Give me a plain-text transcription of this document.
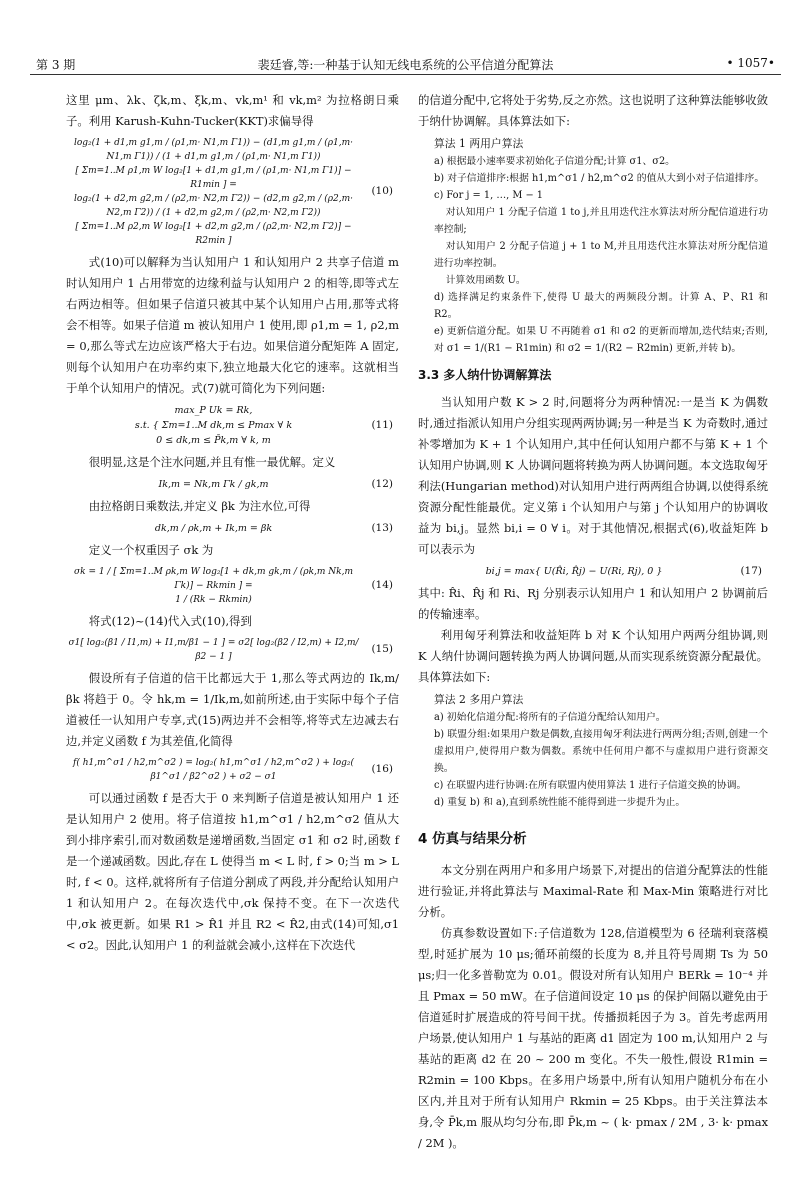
第 3 期	裴廷睿,等:一种基于认知无线电系统的公平信道分配算法	• 1057•

这里 μm、λk、ζk,m、ξk,m、vk,m¹ 和 vk,m² 为拉格朗日乘子。利用 Karush-Kuhn-Tucker(KKT)求偏导得

log₂(1 + d1,m g1,m / (ρ1,m· N1,m Γ1)) − (d1,m g1,m / (ρ1,m· N1,m Γ1)) / (1 + d1,m g1,m / (ρ1,m· N1,m Γ1))
[ Σm=1..M ρ1,m W log₂[1 + d1,m g1,m / (ρ1,m· N1,m Γ1)] − R1min ] =
log₂(1 + d2,m g2,m / (ρ2,m· N2,m Γ2)) − (d2,m g2,m / (ρ2,m· N2,m Γ2)) / (1 + d2,m g2,m / (ρ2,m· N2,m Γ2))
[ Σm=1..M ρ2,m W log₂[1 + d2,m g2,m / (ρ2,m· N2,m Γ2)] − R2min ]
(10)

式(10)可以解释为当认知用户 1 和认知用户 2 共享子信道 m 时认知用户 1 占用带宽的边缘利益与认知用户 2 的相等,即等式左右两边相等。但如果子信道只被其中某个认知用户占用,那等式将会不相等。如果子信道 m 被认知用户 1 使用,即 ρ1,m = 1, ρ2,m = 0,那么等式左边应该严格大于右边。如果信道分配矩阵 A 固定,则每个认知用户在功率约束下,独立地最大化它的速率。这就相当于单个认知用户的情况。式(7)就可简化为下列问题:

max_P Uk = Rk,
s.t. { Σm=1..M dk,m ≤ Pmax ∀ k
0 ≤ dk,m ≤ P̄k,m ∀ k, m
(11)

很明显,这是个注水问题,并且有惟一最优解。定义

Ik,m = Nk,m Γk / gk,m	(12)

由拉格朗日乘数法,并定义 βk 为注水位,可得

dk,m / ρk,m + Ik,m = βk	(13)

定义一个权重因子 σk 为

σk = 1 / [ Σm=1..M ρk,m W log₂[1 + dk,m gk,m / (ρk,m Nk,m Γk)] − Rkmin ] =
1 / (Rk − Rkmin)
(14)

将式(12)~(14)代入式(10),得到

σ1[ log₂(β1 / I1,m) + I1,m/β1 − 1 ] = σ2[ log₂(β2 / I2,m) + I2,m/β2 − 1 ]
(15)

假设所有子信道的信干比都远大于 1,那么等式两边的 Ik,m/βk 将趋于 0。令 hk,m = 1/Ik,m,如前所述,由于实际中每个子信道被任一认知用户专享,式(15)两边并不会相等,将等式左边减去右边,并定义函数 f 为其差值,化简得

f( h1,m^σ1 / h2,m^σ2 ) = log₂( h1,m^σ1 / h2,m^σ2 ) + log₂( β1^σ1 / β2^σ2 ) + σ2 − σ1
(16)

可以通过函数 f 是否大于 0 来判断子信道是被认知用户 1 还是认知用户 2 使用。将子信道按 h1,m^σ1 / h2,m^σ2 值从大到小排序索引,而对数函数是递增函数,当固定 σ1 和 σ2 时,函数 f 是一个递减函数。因此,存在 L 使得当 m < L 时, f > 0;当 m > L 时, f < 0。这样,就将所有子信道分割成了两段,并分配给认知用户 1 和认知用户 2。在每次迭代中,σk 保持不变。在下一次迭代中,σk 被更新。如果 R1 > R̂1 并且 R2 < R̂2,由式(14)可知,σ1 < σ2。因此,认知用户 1 的利益就会减小,这样在下次迭代

的信道分配中,它将处于劣势,反之亦然。这也说明了这种算法能够收敛于纳什协调解。具体算法如下:

算法 1 两用户算法
a) 根据最小速率要求初始化子信道分配;计算 σ1、σ2。
b) 对子信道排序:根据 h1,m^σ1 / h2,m^σ2 的值从大到小对子信道排序。
c) For j = 1, …, M − 1
对认知用户 1 分配子信道 1 to j,并且用迭代注水算法对所分配信道进行功率控制;
对认知用户 2 分配子信道 j + 1 to M,并且用迭代注水算法对所分配信道进行功率控制。
计算效用函数 U。
d) 选择满足约束条件下,使得 U 最大的两频段分割。计算 A、P、R1 和 R2。
e) 更新信道分配。如果 U 不再随着 σ1 和 σ2 的更新而增加,迭代结束;否则,对 σ1 = 1/(R1 − R1min) 和 σ2 = 1/(R2 − R2min) 更新,并转 b)。
3.3 多人纳什协调解算法

当认知用户数 K > 2 时,问题将分为两种情况:一是当 K 为偶数时,通过指派认知用户分组实现两两协调;另一种是当 K 为奇数时,通过补零增加为 K + 1 个认知用户,其中任何认知用户都不与第 K + 1 个认知用户协调,则 K 人协调问题将转换为两人协调问题。本文选取匈牙利法(Hungarian method)对认知用户进行两两组合协调,以使得系统资源分配性能最优。定义第 i 个认知用户与第 j 个认知用户的协调收益为 bi,j。显然 bi,i = 0 ∀ i。对于其他情况,根据式(6),收益矩阵 b 可以表示为

bi,j = max{ U(R̂i, R̂j) − U(Ri, Rj), 0 }	(17)

其中: R̂i、R̂j 和 Ri、Rj 分别表示认知用户 1 和认知用户 2 协调前后的传输速率。

利用匈牙利算法和收益矩阵 b 对 K 个认知用户两两分组协调,则 K 人纳什协调问题转换为两人协调问题,从而实现系统资源分配最优。具体算法如下:

算法 2 多用户算法
a) 初始化信道分配:将所有的子信道分配给认知用户。
b) 联盟分组:如果用户数是偶数,直接用匈牙利法进行两两分组;否则,创建一个虚拟用户,使得用户数为偶数。系统中任何用户都不与虚拟用户进行资源交换。
c) 在联盟内进行协调:在所有联盟内使用算法 1 进行子信道交换的协调。
d) 重复 b) 和 a),直到系统性能不能得到进一步提升为止。
4 仿真与结果分析

本文分别在两用户和多用户场景下,对提出的信道分配算法的性能进行验证,并将此算法与 Maximal-Rate 和 Max-Min 策略进行对比分析。

仿真参数设置如下:子信道数为 128,信道模型为 6 径瑞利衰落模型,时延扩展为 10 μs;循环前缀的长度为 8,并且符号周期 Ts 为 50 μs;归一化多普勒宽为 0.01。假设对所有认知用户 BERk = 10⁻⁴ 并且 Pmax = 50 mW。在子信道间设定 10 μs 的保护间隔以避免由于信道延时扩展造成的符号间干扰。传播损耗因子为 3。首先考虑两用户场景,使认知用户 1 与基站的距离 d1 固定为 100 m,认知用户 2 与基站的距离 d2 在 20 ~ 200 m 变化。不失一般性,假设 R1min = R2min = 100 Kbps。在多用户场景中,所有认知用户随机分布在小区内,并且对于所有认知用户 Rkmin = 25 Kbps。由于关注算法本身,令 P̄k,m 服从均匀分布,即 P̄k,m ~ ( k· pmax / 2M , 3· k· pmax / 2M )。
